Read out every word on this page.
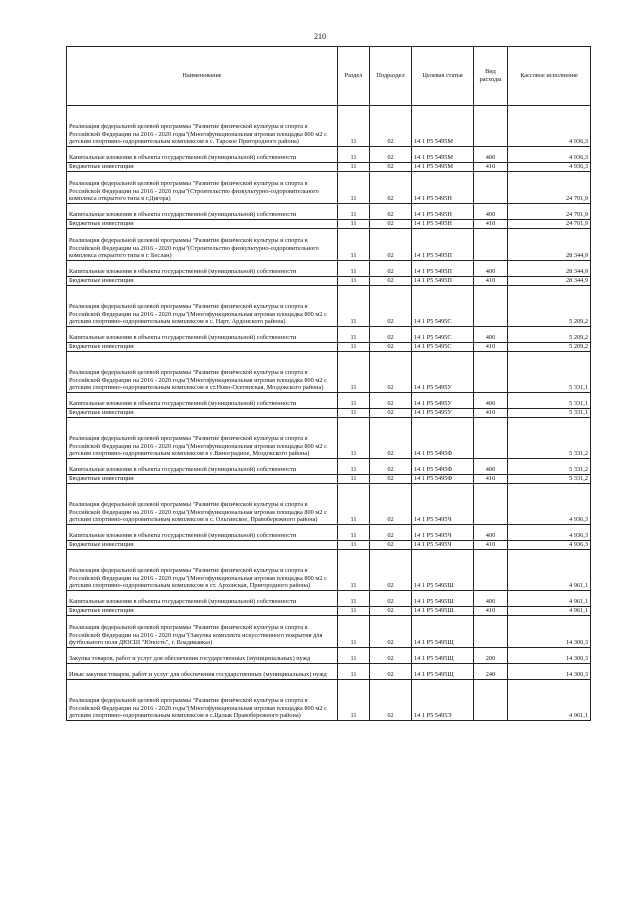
210
Наименование	Раздел	Подраздел	Целевая статья	Вид расходы	Кассовое исполнение
Реализация федеральной целевой программы "Развитие физической культуры и спорта в Российской Федерации на 2016 - 2020 годы"(Многофункциональная игровая площадка 800 м2 с детским спортивно-оздоровительным комплексом в с. Тарское Пригородного района)	11	02	14 1 P5 5495M		4 936,3
Капитальные вложения в объекты государственной (муниципальной) собственности	11	02	14 1 P5 5495M	400	4 936,3
Бюджетные инвестиции	11	02	14 1 P5 5495M	410	4 936,3
Реализация федеральной целевой программы "Развитие физической культуры и спорта в Российской Федерации на 2016 - 2020 годы"(Строительство физкультурно-оздоровительного комплекса открытого типа в г.Дигора)	11	02	14 1 P5 5495H		24 701,9
Капитальные вложения в объекты государственной (муниципальной) собственности	11	02	14 1 P5 5495H	400	24 701,9
Бюджетные инвестиции	11	02	14 1 P5 5495H	410	24 701,9
Реализация федеральной целевой программы "Развитие физической культуры и спорта в Российской Федерации на 2016 - 2020 годы"(Строительство физкультурно-оздоровительного комплекса открытого типа в г. Беслан)	11	02	14 1 P5 5495П		28 344,9
Капитальные вложения в объекты государственной (муниципальной) собственности	11	02	14 1 P5 5495П	400	28 344,9
Бюджетные инвестиции	11	02	14 1 P5 5495П	410	28 344,9
Реализация федеральной целевой программы "Развитие физической культуры и спорта в Российской Федерации на 2016 - 2020 годы"(Многофункциональная игровая площадка 800 м2 с детским спортивно-оздоровительным комплексом в с. Нарт, Ардонского района)	11	02	14 1 P5 5495C		5 209,2
Капитальные вложения в объекты государственной (муниципальной) собственности	11	02	14 1 P5 5495C	400	5 209,2
Бюджетные инвестиции	11	02	14 1 P5 5495C	410	5 209,2
Реализация федеральной целевой программы "Развитие физической культуры и спорта в Российской Федерации на 2016 - 2020 годы"(Многофункциональная игровая площадка 800 м2 с детским спортивно-оздоровительным комплексом в ст.Ново-Осетинская, Моздокского района)	11	02	14 1 P5 5495У		5 331,1
Капитальные вложения в объекты государственной (муниципальной) собственности	11	02	14 1 P5 5495У	400	5 331,1
Бюджетные инвестиции	11	02	14 1 P5 5495У	410	5 331,1
Реализация федеральной целевой программы "Развитие физической культуры и спорта в Российской Федерации на 2016 - 2020 годы"(Многофункциональная игровая площадка 800 м2 с детским спортивно-оздоровительным комплексом в с.Виноградное, Моздокского района)	11	02	14 1 P5 5495Ф		5 331,2
Капитальные вложения в объекты государственной (муниципальной) собственности	11	02	14 1 P5 5495Ф	400	5 331,2
Бюджетные инвестиции	11	02	14 1 P5 5495Ф	410	5 331,2
Реализация федеральной целевой программы "Развитие физической культуры и спорта в Российской Федерации на 2016 - 2020 годы"(Многофункциональная игровая площадка 800 м2 с детским спортивно-оздоровительным комплексом в с. Ольгинское, Правобережного района)	11	02	14 1 P5 5495Ч		4 936,3
Капитальные вложения в объекты государственной (муниципальной) собственности	11	02	14 1 P5 5495Ч	400	4 936,3
Бюджетные инвестиции	11	02	14 1 P5 5495Ч	410	4 936,3
Реализация федеральной целевой программы "Развитие физической культуры и спорта в Российской Федерации на 2016 - 2020 годы"(Многофункциональная игровая площадка 800 м2 с детским спортивно-оздоровительным комплексом в ст. Архонская, Пригородного района)	11	02	14 1 P5 5495Ш		4 961,1
Капитальные вложения в объекты государственной (муниципальной) собственности	11	02	14 1 P5 5495Ш	400	4 961,1
Бюджетные инвестиции	11	02	14 1 P5 5495Ш	410	4 961,1
Реализация федеральной целевой программы "Развитие физической культуры и спорта в Российской Федерации на 2016 - 2020 годы"(Закупка комплекта искусственного покрытия для футбольного поля ДЮСШ "Юность", г. Владикавказ)	11	02	14 1 P5 5495Щ		14 300,3
Закупка товаров, работ и услуг для обеспечения государственных (муниципальных) нужд	11	02	14 1 P5 5495Щ	200	14 300,3
Иные закупки товаров, работ и услуг для обеспечения государственных (муниципальных) нужд	11	02	14 1 P5 5495Щ	240	14 300,3
Реализация федеральной целевой программы "Развитие физической культуры и спорта в Российской Федерации на 2016 - 2020 годы"(Многофункциональная игровая площадка 800 м2 с детским спортивно-оздоровительным комплексом в с.Цалык Правобережного района)	11	02	14 1 P5 5495Э		4 961,1
